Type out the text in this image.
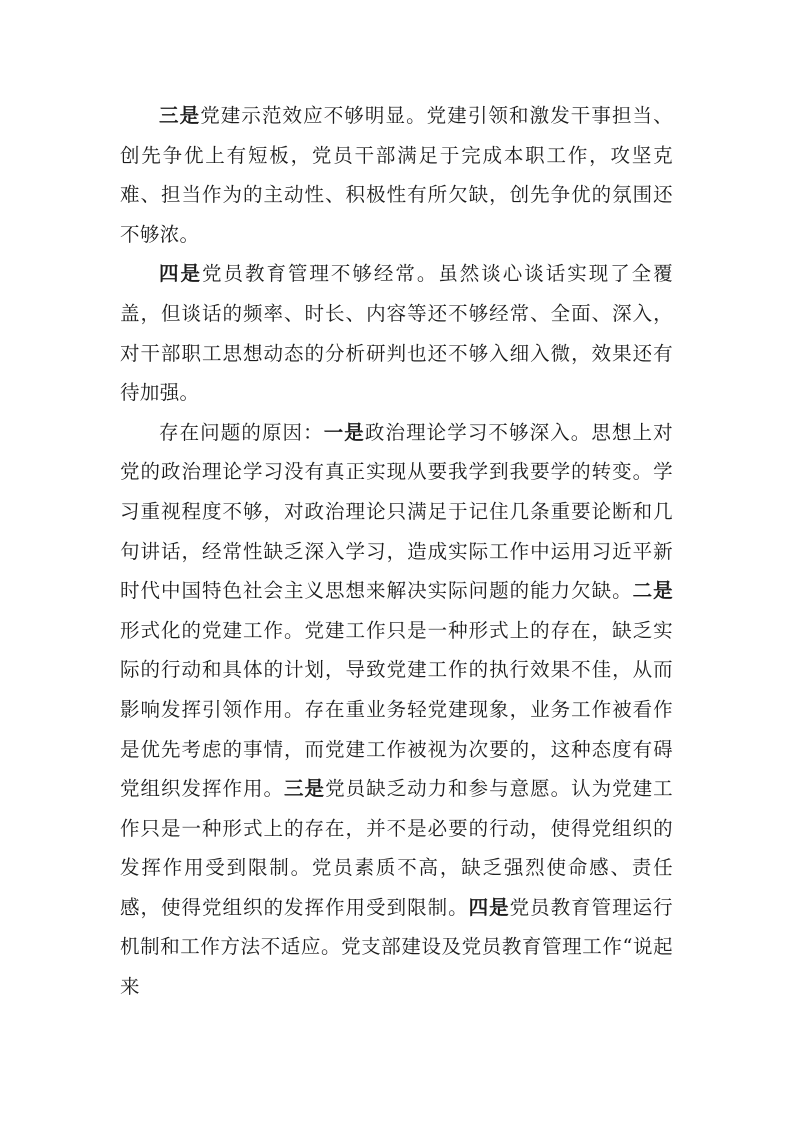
三是党建示范效应不够明显。党建引领和激发干事担当、创先争优上有短板，党员干部满足于完成本职工作，攻坚克难、担当作为的主动性、积极性有所欠缺，创先争优的氛围还不够浓。

四是党员教育管理不够经常。虽然谈心谈话实现了全覆盖，但谈话的频率、时长、内容等还不够经常、全面、深入，对干部职工思想动态的分析研判也还不够入细入微，效果还有待加强。

存在问题的原因：一是政治理论学习不够深入。思想上对党的政治理论学习没有真正实现从要我学到我要学的转变。学习重视程度不够，对政治理论只满足于记住几条重要论断和几句讲话，经常性缺乏深入学习，造成实际工作中运用习近平新时代中国特色社会主义思想来解决实际问题的能力欠缺。二是形式化的党建工作。党建工作只是一种形式上的存在，缺乏实际的行动和具体的计划，导致党建工作的执行效果不佳，从而影响发挥引领作用。存在重业务轻党建现象，业务工作被看作是优先考虑的事情，而党建工作被视为次要的，这种态度有碍党组织发挥作用。三是党员缺乏动力和参与意愿。认为党建工作只是一种形式上的存在，并不是必要的行动，使得党组织的发挥作用受到限制。党员素质不高，缺乏强烈使命感、责任感，使得党组织的发挥作用受到限制。四是党员教育管理运行机制和工作方法不适应。党支部建设及党员教育管理工作“说起来
